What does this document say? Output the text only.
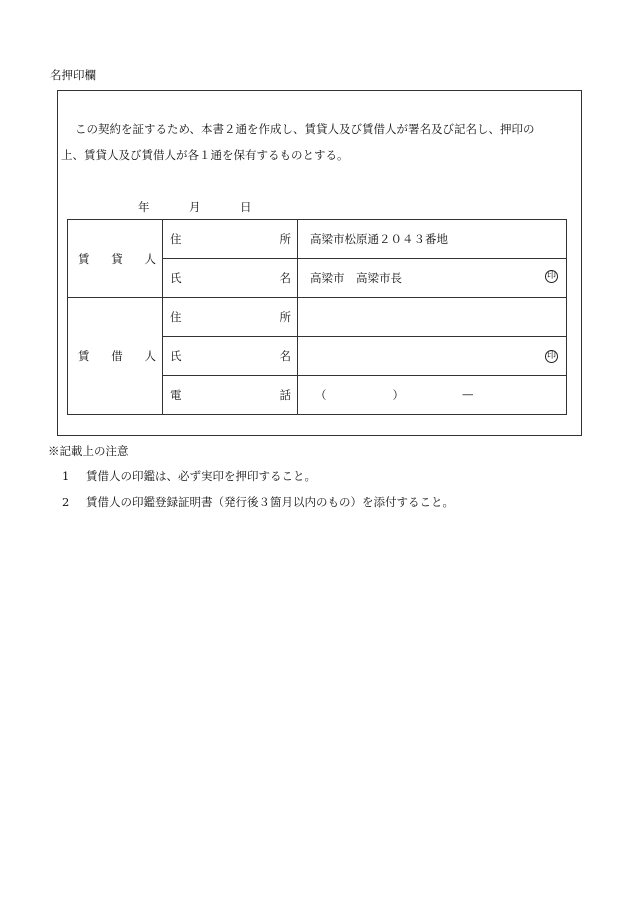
名押印欄
この契約を証するため、本書２通を作成し、賃貸人及び賃借人が署名及び記名し、押印の
上、賃貸人及び賃借人が各１通を保有するものとする。
年	月	日
賃 貸 人	住 所	高梁市松原通２０４３番地

	氏 名	高梁市　高梁市長 印

賃 借 人	住 所	

	氏 名	印

	電 話	（ ） —
※記載上の注意
1 賃借人の印鑑は、必ず実印を押印すること。
2 賃借人の印鑑登録証明書（発行後３箇月以内のもの）を添付すること。
